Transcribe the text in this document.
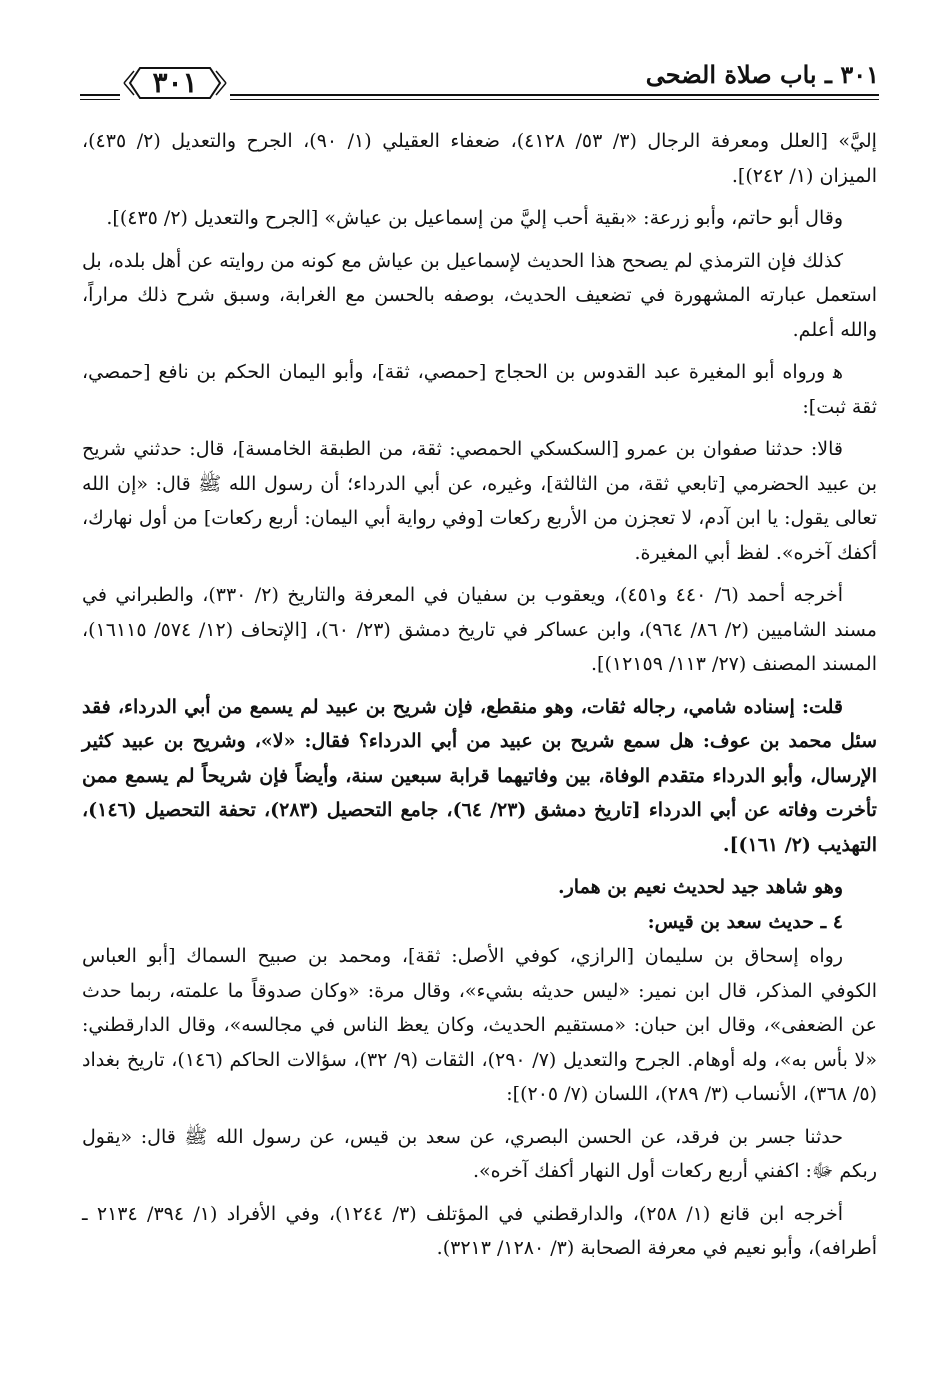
٣٠١ ـ باب صلاة الضحى
٣٠١

إليَّ» [العلل ومعرفة الرجال (٣/ ٥٣/ ٤١٢٨)، ضعفاء العقيلي (١/ ٩٠)، الجرح والتعديل (٢/ ٤٣٥)، الميزان (١/ ٢٤٢)].

وقال أبو حاتم، وأبو زرعة: «بقية أحب إليَّ من إسماعيل بن عياش» [الجرح والتعديل (٢/ ٤٣٥)].

كذلك فإن الترمذي لم يصحح هذا الحديث لإسماعيل بن عياش مع كونه من روايته عن أهل بلده، بل استعمل عبارته المشهورة في تضعيف الحديث، بوصفه بالحسن مع الغرابة، وسبق شرح ذلك مراراً، والله أعلم.

ﻫ ورواه أبو المغيرة عبد القدوس بن الحجاج [حمصي، ثقة]، وأبو اليمان الحكم بن نافع [حمصي، ثقة ثبت]:

قالا: حدثنا صفوان بن عمرو [السكسكي الحمصي: ثقة، من الطبقة الخامسة]، قال: حدثني شريح بن عبيد الحضرمي [تابعي ثقة، من الثالثة]، وغيره، عن أبي الدرداء؛ أن رسول الله ﷺ قال: «إن الله تعالى يقول: يا ابن آدم، لا تعجزن من الأربع ركعات [وفي رواية أبي اليمان: أربع ركعات] من أول نهارك، أكفك آخره». لفظ أبي المغيرة.

أخرجه أحمد (٦/ ٤٤٠ و٤٥١)، ويعقوب بن سفيان في المعرفة والتاريخ (٢/ ٣٣٠)، والطبراني في مسند الشاميين (٢/ ٨٦/ ٩٦٤)، وابن عساكر في تاريخ دمشق (٢٣/ ٦٠)، [الإتحاف (١٢/ ٥٧٤/ ١٦١١٥)، المسند المصنف (٢٧/ ١١٣/ ١٢١٥٩)].

قلت: إسناده شامي، رجاله ثقات، وهو منقطع، فإن شريح بن عبيد لم يسمع من أبي الدرداء، فقد سئل محمد بن عوف: هل سمع شريح بن عبيد من أبي الدرداء؟ فقال: «لا»، وشريح بن عبيد كثير الإرسال، وأبو الدرداء متقدم الوفاة، بين وفاتيهما قرابة سبعين سنة، وأيضاً فإن شريحاً لم يسمع ممن تأخرت وفاته عن أبي الدرداء [تاريخ دمشق (٢٣/ ٦٤)، جامع التحصيل (٢٨٣)، تحفة التحصيل (١٤٦)، التهذيب (٢/ ١٦١)].

وهو شاهد جيد لحديث نعيم بن همار.

٤ ـ حديث سعد بن قيس:

رواه إسحاق بن سليمان [الرازي، كوفي الأصل: ثقة]، ومحمد بن صبيح السماك [أبو العباس الكوفي المذكر، قال ابن نمير: «ليس حديثه بشيء»، وقال مرة: «وكان صدوقاً ما علمته، ربما حدث عن الضعفى»، وقال ابن حبان: «مستقيم الحديث، وكان يعظ الناس في مجالسه»، وقال الدارقطني: «لا بأس به»، وله أوهام. الجرح والتعديل (٧/ ٢٩٠)، الثقات (٩/ ٣٢)، سؤالات الحاكم (١٤٦)، تاريخ بغداد (٥/ ٣٦٨)، الأنساب (٣/ ٢٨٩)، اللسان (٧/ ٢٠٥)]:

حدثنا جسر بن فرقد، عن الحسن البصري، عن سعد بن قيس، عن رسول الله ﷺ قال: «يقول ربكم ﷻ: اكفني أربع ركعات أول النهار أكفك آخره».

أخرجه ابن قانع (١/ ٢٥٨)، والدارقطني في المؤتلف (٣/ ١٢٤٤)، وفي الأفراد (١/ ٣٩٤/ ٢١٣٤ ـ أطرافه)، وأبو نعيم في معرفة الصحابة (٣/ ١٢٨٠/ ٣٢١٣).
